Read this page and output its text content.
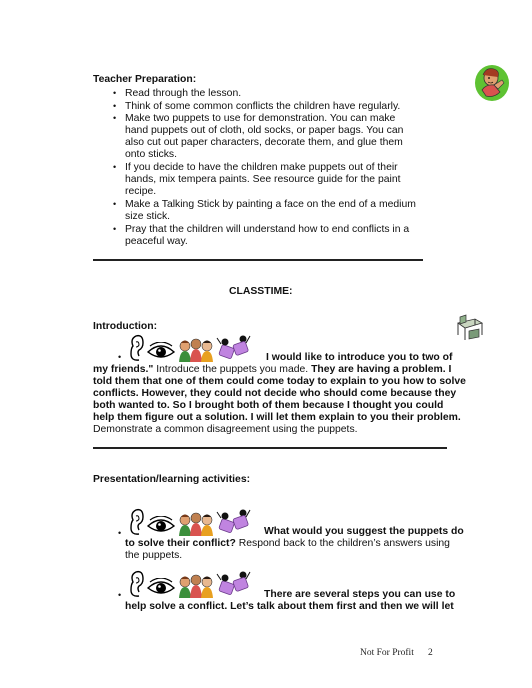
Teacher Preparation:
• Read through the lesson.
• Think of some common conflicts the children have regularly.
• Make two puppets to use for demonstration. You can make
hand puppets out of cloth, old socks, or paper bags. You can
also cut out paper characters, decorate them, and glue them
onto sticks.
• If you decide to have the children make puppets out of their
hands, mix tempera paints. See resource guide for the paint
recipe.
• Make a Talking Stick by painting a face on the end of a medium
size stick.
• Pray that the children will understand how to end conflicts in a
peaceful way.
CLASSTIME:
Introduction:
•	I would like to introduce you to two of
my friends." Introduce the puppets you made. They are having a problem. I
told them that one of them could come today to explain to you how to solve
conflicts. However, they could not decide who should come because they
both wanted to. So I brought both of them because I thought you could
help them figure out a solution. I will let them explain to you their problem.
Demonstrate a common disagreement using the puppets.
Presentation/learning activities:
•	What would you suggest the puppets do
to solve their conflict? Respond back to the children’s answers using
the puppets.
•	There are several steps you can use to
help solve a conflict. Let’s talk about them first and then we will let
Not For Profit 2
